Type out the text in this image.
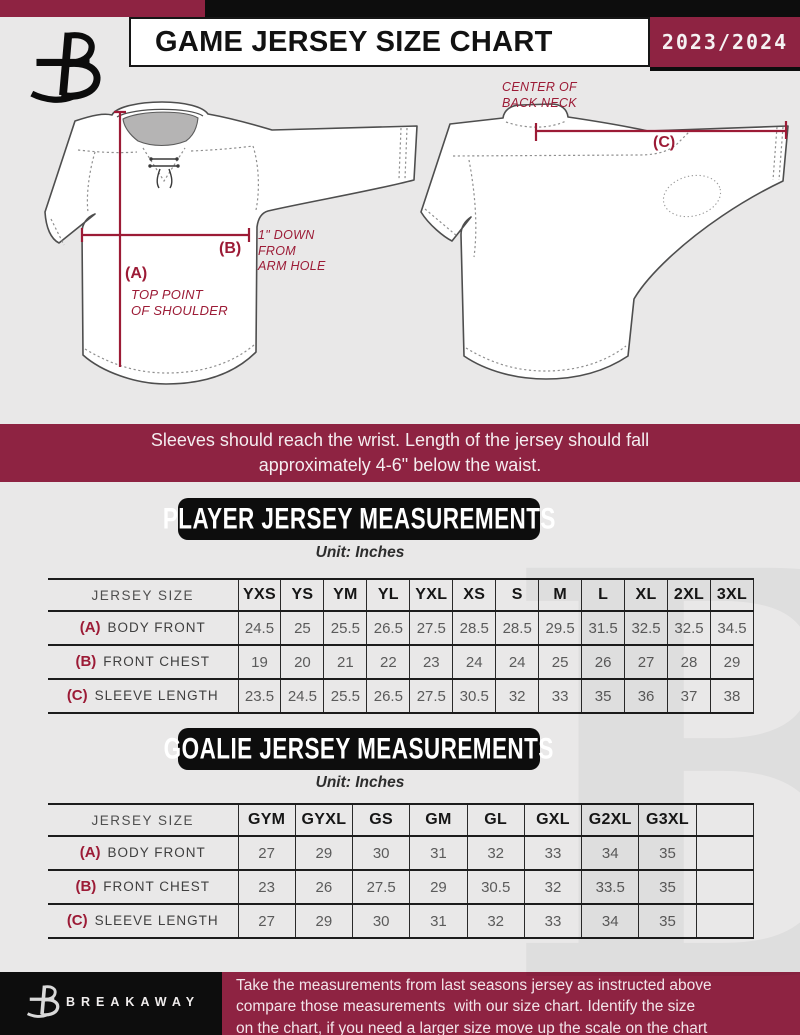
GAME JERSEY SIZE CHART	2023/2024
CENTER OF
BACK NECK
(C)
(B)
1" DOWN
FROM
ARM HOLE
(A)
TOP POINT
OF SHOULDER
Sleeves should reach the wrist. Length of the jersey should fall
approximately 4-6" below the waist.
PLAYER JERSEY MEASUREMENTS
Unit: Inches
JERSEY SIZE	YXS	YS	YM	YL	YXL	XS	S	M	L	XL	2XL	3XL
(A) BODY FRONT	24.5	25	25.5	26.5	27.5	28.5	28.5	29.5	31.5	32.5	32.5	34.5
(B) FRONT CHEST	19	20	21	22	23	24	24	25	26	27	28	29
(C) SLEEVE LENGTH	23.5	24.5	25.5	26.5	27.5	30.5	32	33	35	36	37	38
GOALIE JERSEY MEASUREMENTS
Unit: Inches
JERSEY SIZE	GYM	GYXL	GS	GM	GL	GXL	G2XL	G3XL	
(A) BODY FRONT	27	29	30	31	32	33	34	35	
(B) FRONT CHEST	23	26	27.5	29	30.5	32	33.5	35	
(C) SLEEVE LENGTH	27	29	30	31	32	33	34	35	
BREAKAWAY
Take the measurements from last seasons jersey as instructed above
compare those measurements  with our size chart. Identify the size
on the chart, if you need a larger size move up the scale on the chart
